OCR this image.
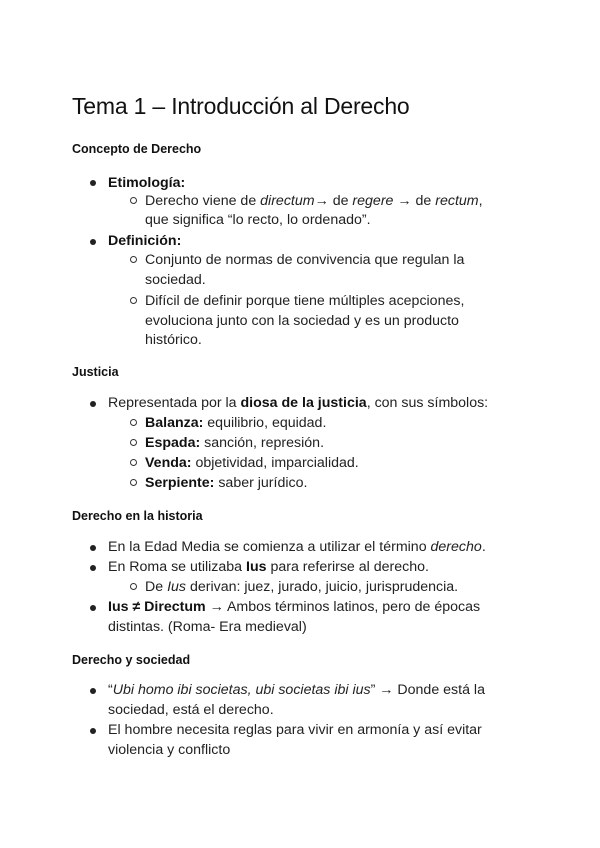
Tema 1 – Introducción al Derecho
Concepto de Derecho
Etimología:
Derecho viene de directum→ de regere → de rectum,
que significa “lo recto, lo ordenado”.
Definición:
Conjunto de normas de convivencia que regulan la
sociedad.
Difícil de definir porque tiene múltiples acepciones,
evoluciona junto con la sociedad y es un producto
histórico.
Justicia
Representada por la diosa de la justicia, con sus símbolos:
Balanza: equilibrio, equidad.
Espada: sanción, represión.
Venda: objetividad, imparcialidad.
Serpiente: saber jurídico.
Derecho en la historia
En la Edad Media se comienza a utilizar el término derecho.
En Roma se utilizaba Ius para referirse al derecho.
De Ius derivan: juez, jurado, juicio, jurisprudencia.
Ius ≠ Directum → Ambos términos latinos, pero de épocas
distintas. (Roma- Era medieval)
Derecho y sociedad
“Ubi homo ibi societas, ubi societas ibi ius” → Donde está la
sociedad, está el derecho.
El hombre necesita reglas para vivir en armonía y así evitar
violencia y conflicto
